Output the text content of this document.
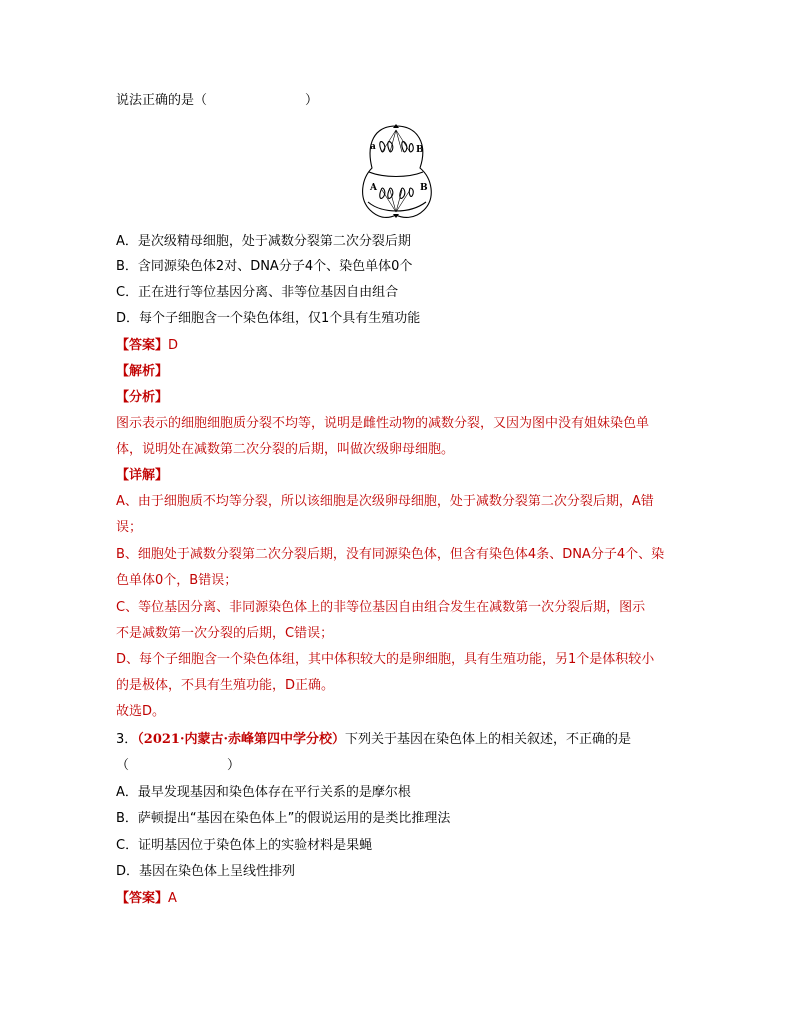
说法正确的是（	）
a	B
A	B
A．是次级精母细胞，处于减数分裂第二次分裂后期
B．含同源染色体2对、DNA分子4个、染色单体0个
C．正在进行等位基因分离、非等位基因自由组合
D．每个子细胞含一个染色体组，仅1个具有生殖功能
【答案】D
【解析】
【分析】
图示表示的细胞细胞质分裂不均等，说明是雌性动物的减数分裂，又因为图中没有姐妹染色单
体，说明处在减数第二次分裂的后期，叫做次级卵母细胞。
【详解】
A、由于细胞质不均等分裂，所以该细胞是次级卵母细胞，处于减数分裂第二次分裂后期，A错
误；
B、细胞处于减数分裂第二次分裂后期，没有同源染色体，但含有染色体4条、DNA分子4个、染
色单体0个，B错误；
C、等位基因分离、非同源染色体上的非等位基因自由组合发生在减数第一次分裂后期，图示
不是减数第一次分裂的后期，C错误；
D、每个子细胞含一个染色体组，其中体积较大的是卵细胞，具有生殖功能，另1个是体积较小
的是极体，不具有生殖功能，D正确。
故选D。
3．（2021·内蒙古·赤峰第四中学分校）下列关于基因在染色体上的相关叙述，不正确的是
（	）
A．最早发现基因和染色体存在平行关系的是摩尔根
B．萨顿提出“基因在染色体上”的假说运用的是类比推理法
C．证明基因位于染色体上的实验材料是果蝇
D．基因在染色体上呈线性排列
【答案】A
